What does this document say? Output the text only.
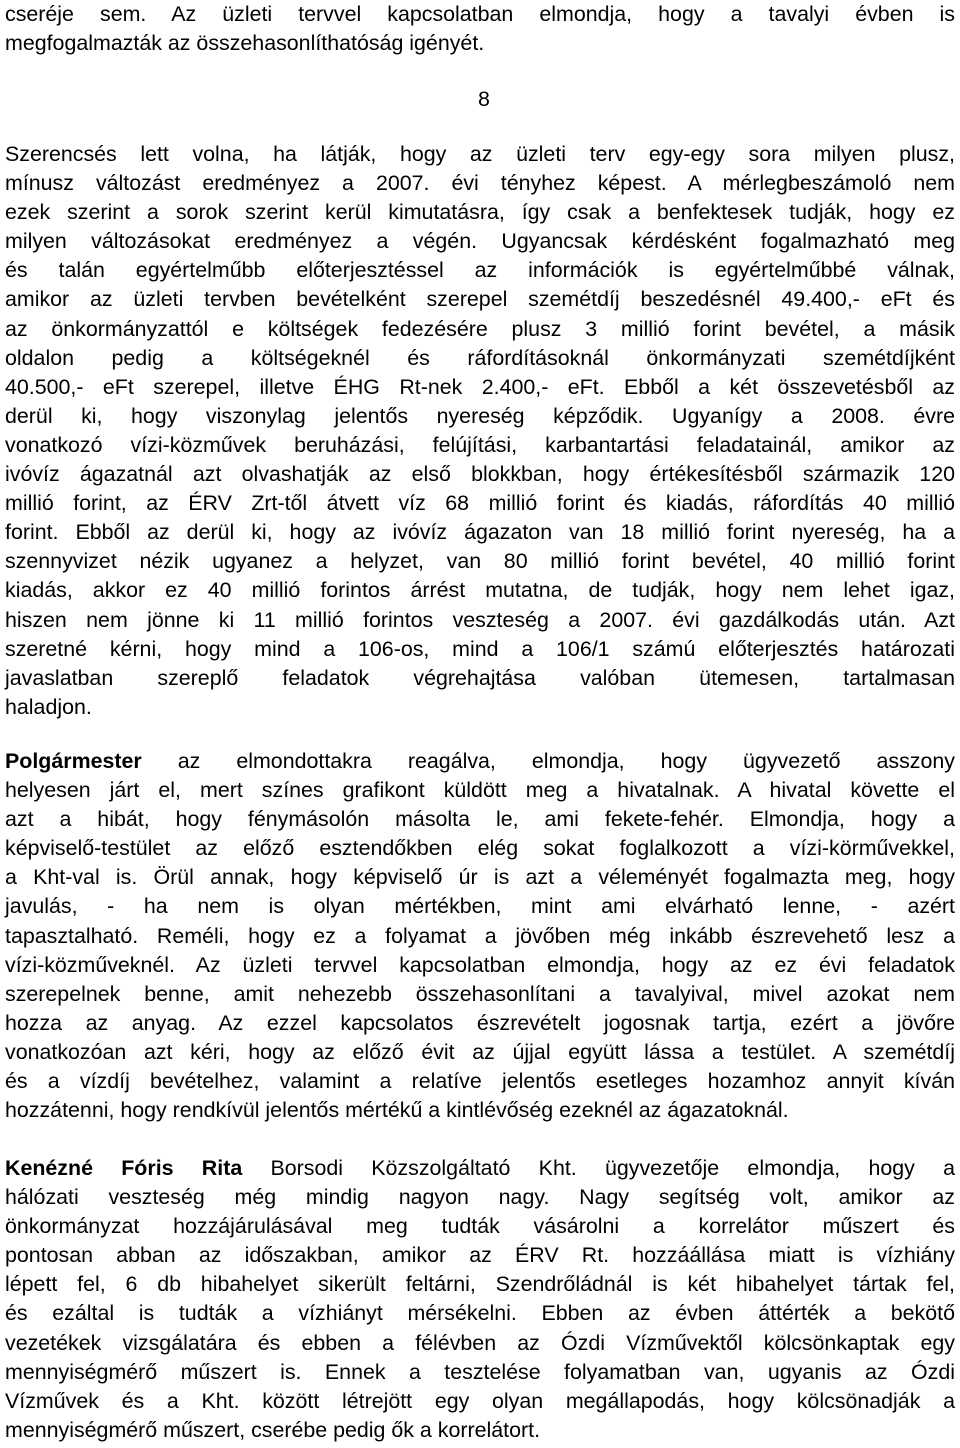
cseréje sem. Az üzleti tervvel kapcsolatban elmondja, hogy a tavalyi évben is
megfogalmazták az összehasonlíthatóság igényét.
8
Szerencsés lett volna, ha látják, hogy az üzleti terv egy-egy sora milyen plusz,
mínusz változást eredményez a 2007. évi tényhez képest. A mérlegbeszámoló nem
ezek szerint a sorok szerint kerül kimutatásra, így csak a benfektesek tudják, hogy ez
milyen változásokat eredményez a végén. Ugyancsak kérdésként fogalmazható meg
és talán egyértelműbb előterjesztéssel az információk is egyértelműbbé válnak,
amikor az üzleti tervben bevételként szerepel szemétdíj beszedésnél 49.400,- eFt és
az önkormányzattól e költségek fedezésére plusz 3 millió forint bevétel, a másik
oldalon pedig a költségeknél és ráfordításoknál önkormányzati szemétdíjként
40.500,- eFt szerepel, illetve ÉHG Rt-nek 2.400,- eFt. Ebből a két összevetésből az
derül ki, hogy viszonylag jelentős nyereség képződik. Ugyanígy a 2008. évre
vonatkozó vízi-közművek beruházási, felújítási, karbantartási feladatainál, amikor az
ivóvíz ágazatnál azt olvashatják az első blokkban, hogy értékesítésből származik 120
millió forint, az ÉRV Zrt-től átvett víz 68 millió forint és kiadás, ráfordítás 40 millió
forint. Ebből az derül ki, hogy az ivóvíz ágazaton van 18 millió forint nyereség, ha a
szennyvizet nézik ugyanez a helyzet, van 80 millió forint bevétel, 40 millió forint
kiadás, akkor ez 40 millió forintos árrést mutatna, de tudják, hogy nem lehet igaz,
hiszen nem jönne ki 11 millió forintos veszteség a 2007. évi gazdálkodás után. Azt
szeretné kérni, hogy mind a 106-os, mind a 106/1 számú előterjesztés határozati
javaslatban szereplő feladatok végrehajtása valóban ütemesen, tartalmasan
haladjon.
Polgármester az elmondottakra reagálva, elmondja, hogy ügyvezető asszony
helyesen járt el, mert színes grafikont küldött meg a hivatalnak. A hivatal követte el
azt a hibát, hogy fénymásolón másolta le, ami fekete-fehér. Elmondja, hogy a
képviselő-testület az előző esztendőkben elég sokat foglalkozott a vízi-körművekkel,
a Kht-val is. Örül annak, hogy képviselő úr is azt a véleményét fogalmazta meg, hogy
javulás, - ha nem is olyan mértékben, mint ami elvárható lenne, - azért
tapasztalható. Reméli, hogy ez a folyamat a jövőben még inkább észrevehető lesz a
vízi-közműveknél. Az üzleti tervvel kapcsolatban elmondja, hogy az ez évi feladatok
szerepelnek benne, amit nehezebb összehasonlítani a tavalyival, mivel azokat nem
hozza az anyag. Az ezzel kapcsolatos észrevételt jogosnak tartja, ezért a jövőre
vonatkozóan azt kéri, hogy az előző évit az újjal együtt lássa a testület. A szemétdíj
és a vízdíj bevételhez, valamint a relatíve jelentős esetleges hozamhoz annyit kíván
hozzátenni, hogy rendkívül jelentős mértékű a kintlévőség ezeknél az ágazatoknál.
Kenézné Fóris Rita Borsodi Közszolgáltató Kht. ügyvezetője elmondja, hogy a
hálózati veszteség még mindig nagyon nagy. Nagy segítség volt, amikor az
önkormányzat hozzájárulásával meg tudták vásárolni a korrelátor műszert és
pontosan abban az időszakban, amikor az ÉRV Rt. hozzáállása miatt is vízhiány
lépett fel, 6 db hibahelyet sikerült feltárni, Szendrőládnál is két hibahelyet tártak fel,
és ezáltal is tudták a vízhiányt mérsékelni. Ebben az évben áttérték a bekötő
vezetékek vizsgálatára és ebben a félévben az Ózdi Vízművektől kölcsönkaptak egy
mennyiségmérő műszert is. Ennek a tesztelése folyamatban van, ugyanis az Ózdi
Vízművek és a Kht. között létrejött egy olyan megállapodás, hogy kölcsönadják a
mennyiségmérő műszert, cserébe pedig ők a korrelátort.
